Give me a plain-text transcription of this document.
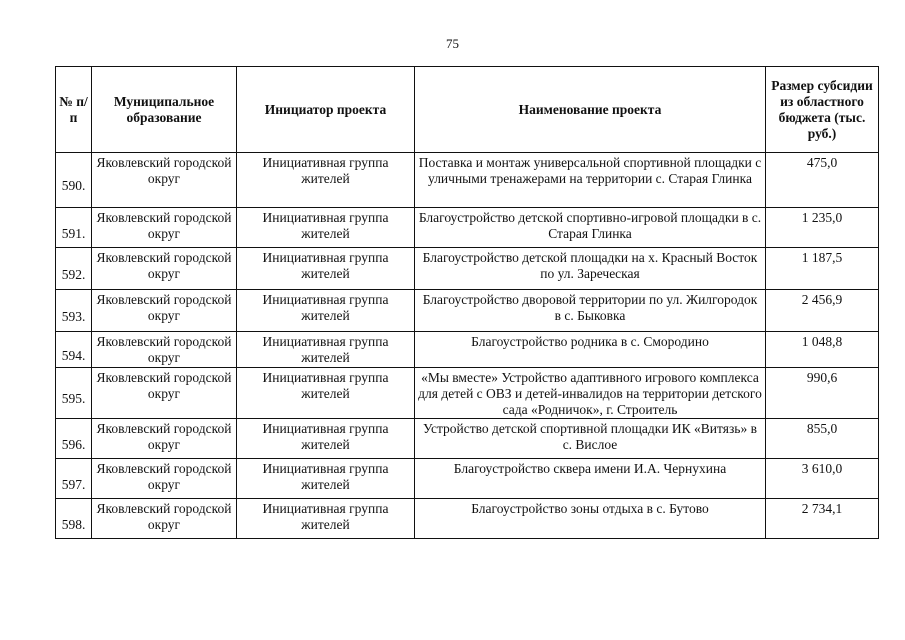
75
№ п/п	Муниципальное образование	Инициатор проекта	Наименование проекта	Размер субсидии из областного бюджета (тыс. руб.)
590.	Яковлевский городской округ	Инициативная группа жителей	Поставка и монтаж универсальной спортивной площадки с уличными тренажерами на территории с. Старая Глинка	475,0
591.	Яковлевский городской округ	Инициативная группа жителей	Благоустройство детской спортивно-игровой площадки в с. Старая Глинка	1 235,0
592.	Яковлевский городской округ	Инициативная группа жителей	Благоустройство детской площадки на х. Красный Восток по ул. Заречеcкая	1 187,5
593.	Яковлевский городской округ	Инициативная группа жителей	Благоустройство дворовой территории по ул. Жилгородок в с. Быковка	2 456,9
594.	Яковлевский городской округ	Инициативная группа жителей	Благоустройство родника в с. Смородино	1 048,8
595.	Яковлевский городской округ	Инициативная группа жителей	«Мы вместе» Устройство адаптивного игрового комплекса для детей с ОВЗ и детей-инвалидов на территории детского сада «Родничок», г. Строитель	990,6
596.	Яковлевский городской округ	Инициативная группа жителей	Устройство детской спортивной площадки ИК «Витязь» в с. Вислое	855,0
597.	Яковлевский городской округ	Инициативная группа жителей	Благоустройство сквера имени И.А. Чернухина	3 610,0
598.	Яковлевский городской округ	Инициативная группа жителей	Благоустройство зоны отдыха в с. Бутово	2 734,1
